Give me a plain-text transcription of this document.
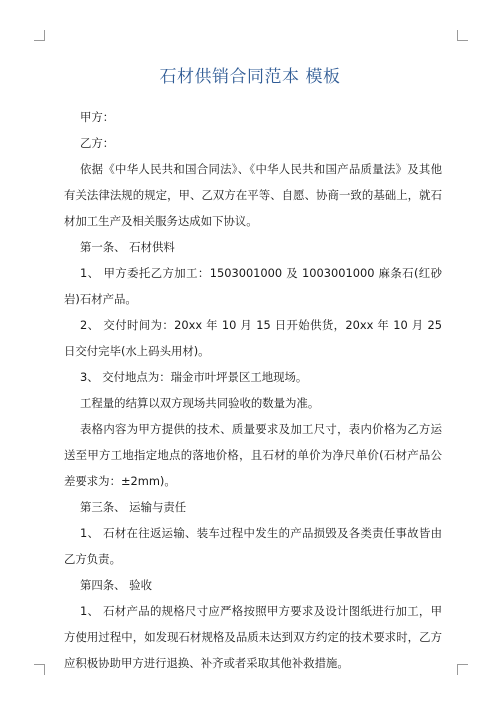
石材供销合同范本 模板

甲方：

乙方：

依据《中华人民共和国合同法》、《中华人民共和国产品质量法》及其他有关法律法规的规定，甲、乙双方在平等、自愿、协商一致的基础上，就石材加工生产及相关服务达成如下协议。

第一条、 石材供料

1、 甲方委托乙方加工：1503001000 及 1003001000 麻条石(红砂岩)石材产品。

2、 交付时间为：20xx 年 10 月 15 日开始供货，20xx 年 10 月 25 日交付完毕(水上码头用材)。

3、 交付地点为：瑞金市叶坪景区工地现场。

工程量的结算以双方现场共同验收的数量为准。

表格内容为甲方提供的技术、质量要求及加工尺寸，表内价格为乙方运送至甲方工地指定地点的落地价格，且石材的单价为净尺单价(石材产品公差要求为：±2mm)。

第三条、 运输与责任

1、 石材在往返运输、装车过程中发生的产品损毁及各类责任事故皆由乙方负责。

第四条、 验收

1、 石材产品的规格尺寸应严格按照甲方要求及设计图纸进行加工，甲方使用过程中，如发现石材规格及品质未达到双方约定的技术要求时，乙方应积极协助甲方进行退换、补齐或者采取其他补救措施。
